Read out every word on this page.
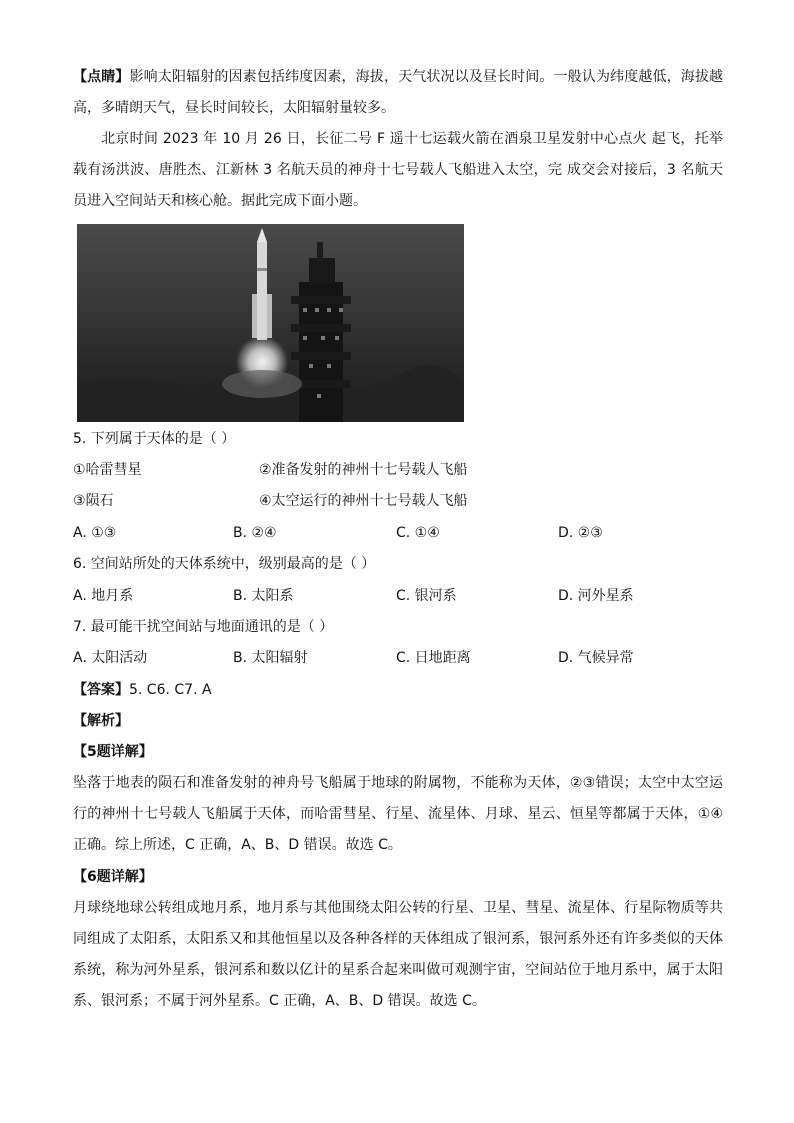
【点睛】影响太阳辐射的因素包括纬度因素，海拔，天气状况以及昼长时间。一般认为纬度越低，海拔越高，多晴朗天气，昼长时间较长，太阳辐射量较多。

北京时间 2023 年 10 月 26 日，长征二号 F 遥十七运载火箭在酒泉卫星发射中心点火 起飞，托举载有汤洪波、唐胜杰、江新林 3 名航天员的神舟十七号载人飞船进入太空，完 成交会对接后，3 名航天员进入空间站天和核心舱。据此完成下面小题。

5. 下列属于天体的是（ ）

①哈雷彗星	②准备发射的神州十七号载人飞船
③陨石	④太空运行的神州十七号载人飞船
A. ①③	B. ②④	C. ①④	D. ②③

6. 空间站所处的天体系统中，级别最高的是（ ）

A. 地月系	B. 太阳系	C. 银河系	D. 河外星系

7. 最可能干扰空间站与地面通讯的是（ ）

A. 太阳活动	B. 太阳辐射	C. 日地距离	D. 气候异常

【答案】5. C6. C7. A

【解析】

【5题详解】

坠落于地表的陨石和准备发射的神舟号飞船属于地球的附属物，不能称为天体，②③错误；太空中太空运行的神州十七号载人飞船属于天体，而哈雷彗星、行星、流星体、月球、星云、恒星等都属于天体，①④正确。综上所述，C 正确，A、B、D 错误。故选 C。

【6题详解】

月球绕地球公转组成地月系，地月系与其他围绕太阳公转的行星、卫星、彗星、流星体、行星际物质等共同组成了太阳系，太阳系又和其他恒星以及各种各样的天体组成了银河系，银河系外还有许多类似的天体系统，称为河外星系，银河系和数以亿计的星系合起来叫做可观测宇宙，空间站位于地月系中，属于太阳系、银河系；不属于河外星系。C 正确，A、B、D 错误。故选 C。
